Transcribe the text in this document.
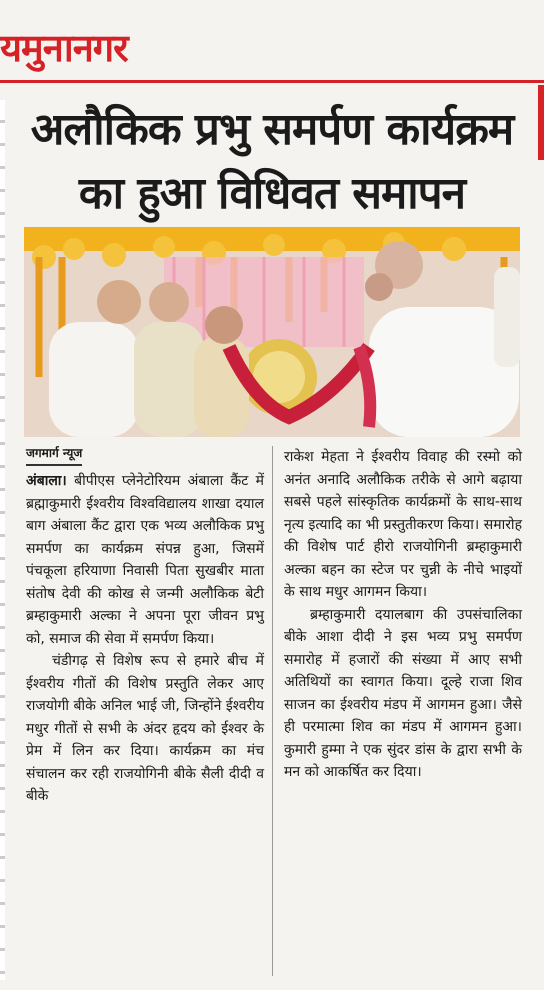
यमुनानगर
अलौकिक प्रभु समर्पण कार्यक्रम
का हुआ विधिवत समापन
जगमार्ग न्यूज

अंबाला। बीपीएस प्लेनेटोरियम अंबाला कैंट में ब्रह्माकुमारी ईश्वरीय विश्वविद्यालय शाखा दयाल बाग अंबाला कैंट द्वारा एक भव्य अलौकिक प्रभु समर्पण का कार्यक्रम संपन्न हुआ, जिसमें पंचकूला हरियाणा निवासी पिता सुखबीर माता संतोष देवी की कोख से जन्मी अलौकिक बेटी ब्रम्हाकुमारी अल्का ने अपना पूरा जीवन प्रभु को, समाज की सेवा में समर्पण किया।

चंडीगढ़ से विशेष रूप से हमारे बीच में ईश्वरीय गीतों की विशेष प्रस्तुति लेकर आए राजयोगी बीके अनिल भाई जी, जिन्होंने ईश्वरीय मधुर गीतों से सभी के अंदर हृदय को ईश्वर के प्रेम में लिन कर दिया। कार्यक्रम का मंच संचालन कर रही राजयोगिनी बीके सैली दीदी व बीके

राकेश मेहता ने ईश्वरीय विवाह की रस्मो को अनंत अनादि अलौकिक तरीके से आगे बढ़ाया सबसे पहले सांस्कृतिक कार्यक्रमों के साथ-साथ नृत्य इत्यादि का भी प्रस्तुतीकरण किया। समारोह की विशेष पार्ट हीरो राजयोगिनी ब्रम्हाकुमारी अल्का बहन का स्टेज पर चुन्नी के नीचे भाइयों के साथ मधुर आगमन किया।

ब्रम्हाकुमारी दयालबाग की उपसंचालिका बीके आशा दीदी ने इस भव्य प्रभु समर्पण समारोह में हजारों की संख्या में आए सभी अतिथियों का स्वागत किया। दूल्हे राजा शिव साजन का ईश्वरीय मंडप में आगमन हुआ। जैसे ही परमात्मा शिव का मंडप में आगमन हुआ। कुमारी हुम्मा ने एक सुंदर डांस के द्वारा सभी के मन को आकर्षित कर दिया।
